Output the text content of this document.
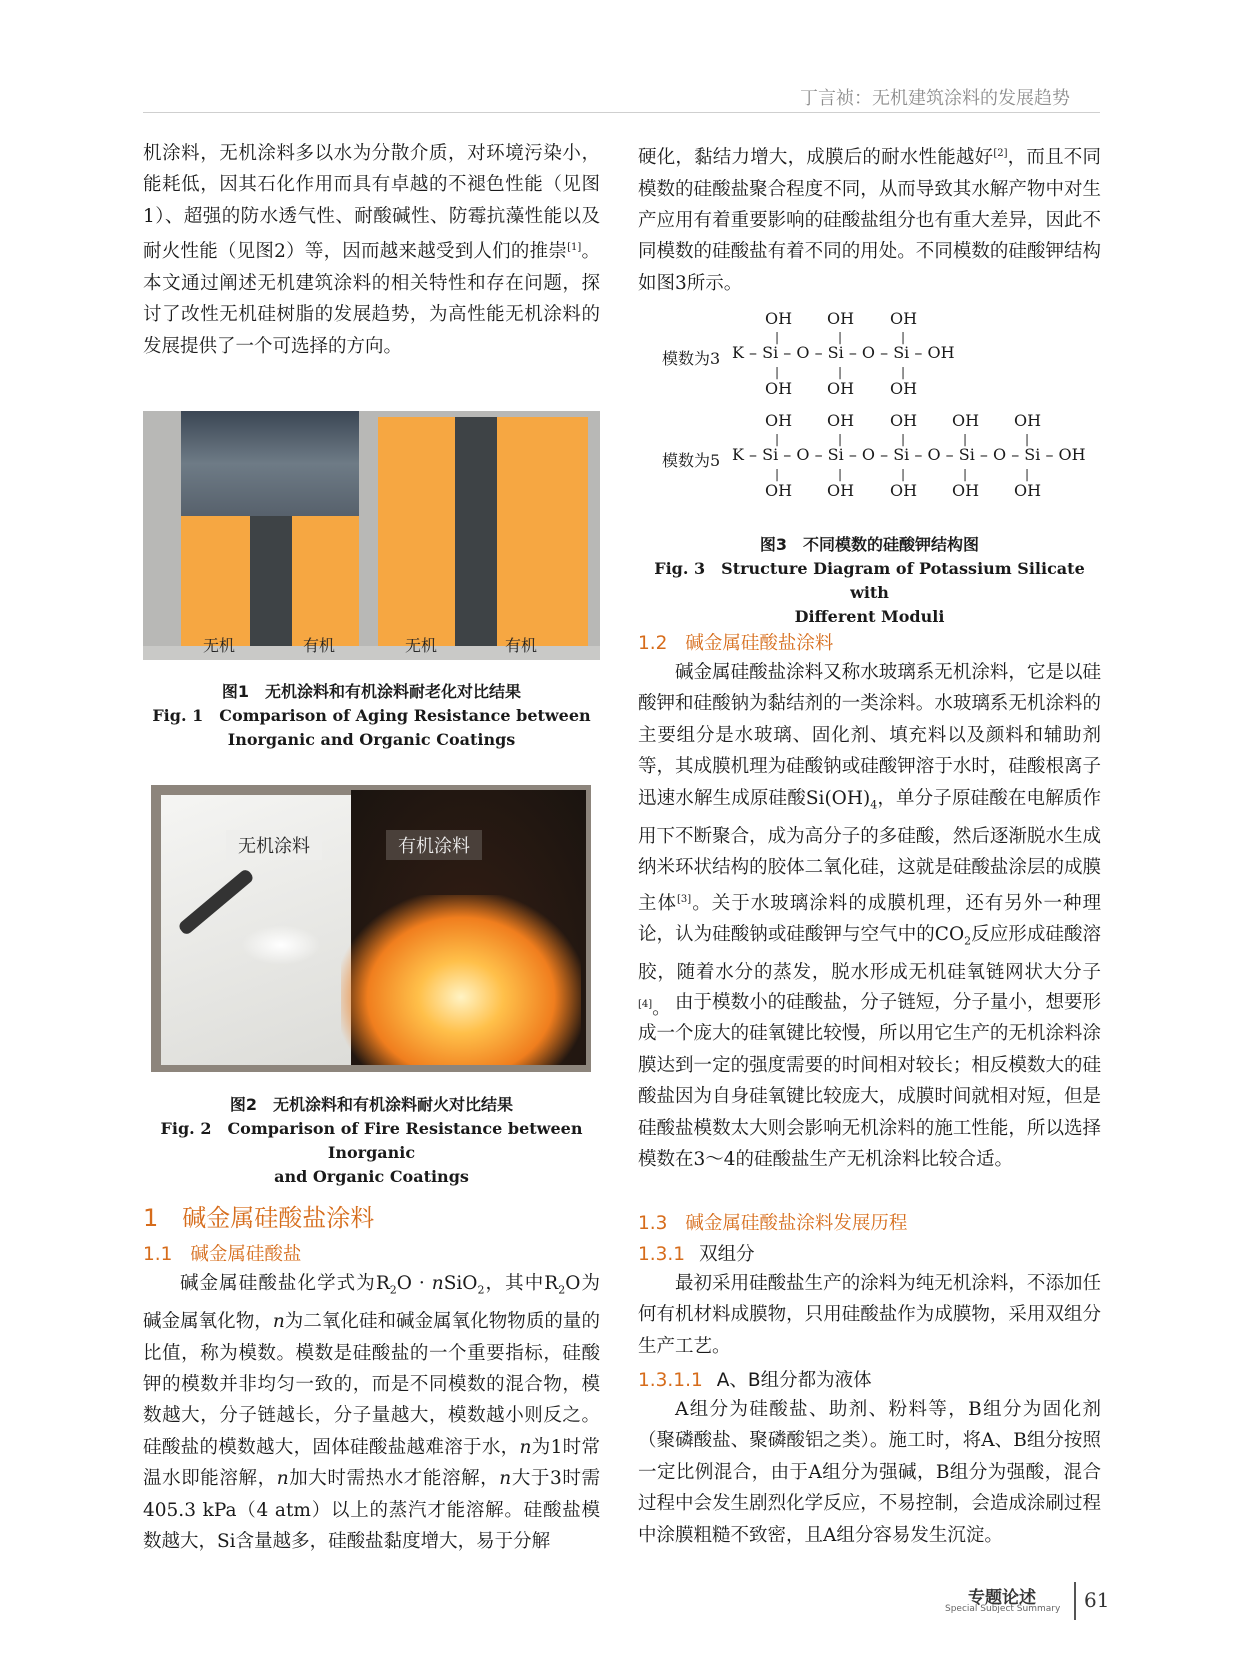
丁言祯：无机建筑涂料的发展趋势

机涂料，无机涂料多以水为分散介质，对环境污染小，能耗低，因其石化作用而具有卓越的不褪色性能（见图1）、超强的防水透气性、耐酸碱性、防霉抗藻性能以及耐火性能（见图2）等，因而越来越受到人们的推崇[1]。本文通过阐述无机建筑涂料的相关特性和存在问题，探讨了改性无机硅树脂的发展趋势，为高性能无机涂料的发展提供了一个可选择的方向。

无机	有机	无机	有机
图1　无机涂料和有机涂料耐老化对比结果
Fig. 1　Comparison of Aging Resistance between
Inorganic and Organic Coatings
无机涂料	有机涂料
图2　无机涂料和有机涂料耐火对比结果
Fig. 2　Comparison of Fire Resistance between Inorganic
and Organic Coatings
1 碱金属硅酸盐涂料
1.1 碱金属硅酸盐

碱金属硅酸盐化学式为$R_2O$ · nSiO$_2$，其中$R_2O$为碱金属氧化物，n为二氧化硅和碱金属氧化物物质的量的比值，称为模数。模数是硅酸盐的一个重要指标，硅酸钾的模数并非均匀一致的，而是不同模数的混合物，模数越大，分子链越长，分子量越大，模数越小则反之。硅酸盐的模数越大，固体硅酸盐越难溶于水，n为1时常温水即能溶解，n加大时需热水才能溶解，n大于3时需405.3 kPa（4 atm）以上的蒸汽才能溶解。硅酸盐模数越大，Si含量越多，硅酸盐黏度增大，易于分解

硬化，黏结力增大，成膜后的耐水性能越好[2]，而且不同模数的硅酸盐聚合程度不同，从而导致其水解产物中对生产应用有着重要影响的硅酸盐组分也有重大差异，因此不同模数的硅酸盐有着不同的用处。不同模数的硅酸钾结构如图3所示。

OH OH OH
|	|	|
K – Si – O – Si – O – Si – OH
|	|	|
OH OH OH
OH OH OH OH OH
|	|	|	|	|
K – Si – O – Si – O – Si – O – Si – O – Si – OH
|	|	|	|	|
OH OH OH OH OH
模数为3
模数为5
图3　不同模数的硅酸钾结构图
Fig. 3　Structure Diagram of Potassium Silicate with
Different Moduli
1.2 碱金属硅酸盐涂料

碱金属硅酸盐涂料又称水玻璃系无机涂料，它是以硅酸钾和硅酸钠为黏结剂的一类涂料。水玻璃系无机涂料的主要组分是水玻璃、固化剂、填充料以及颜料和辅助剂等，其成膜机理为硅酸钠或硅酸钾溶于水时，硅酸根离子迅速水解生成原硅酸$Si(OH)_4$，单分子原硅酸在电解质作用下不断聚合，成为高分子的多硅酸，然后逐渐脱水生成纳米环状结构的胶体二氧化硅，这就是硅酸盐涂层的成膜主体[3]。关于水玻璃涂料的成膜机理，还有另外一种理论，认为硅酸钠或硅酸钾与空气中的$CO_2$反应形成硅酸溶胶，随着水分的蒸发，脱水形成无机硅氧链网状大分子[4]。 由于模数小的硅酸盐，分子链短，分子量小，想要形成一个庞大的硅氧键比较慢，所以用它生产的无机涂料涂膜达到一定的强度需要的时间相对较长；相反模数大的硅酸盐因为自身硅氧键比较庞大，成膜时间就相对短，但是硅酸盐模数太大则会影响无机涂料的施工性能，所以选择模数在3～4的硅酸盐生产无机涂料比较合适。

1.3 碱金属硅酸盐涂料发展历程
1.3.1 双组分

最初采用硅酸盐生产的涂料为纯无机涂料，不添加任何有机材料成膜物，只用硅酸盐作为成膜物，采用双组分生产工艺。

1.3.1.1 A、B组分都为液体

A组分为硅酸盐、助剂、粉料等，B组分为固化剂（聚磷酸盐、聚磷酸铝之类）。施工时，将A、B组分按照一定比例混合，由于A组分为强碱，B组分为强酸，混合过程中会发生剧烈化学反应，不易控制，会造成涂刷过程中涂膜粗糙不致密，且A组分容易发生沉淀。

专题论述
Special Subject Summary 61
